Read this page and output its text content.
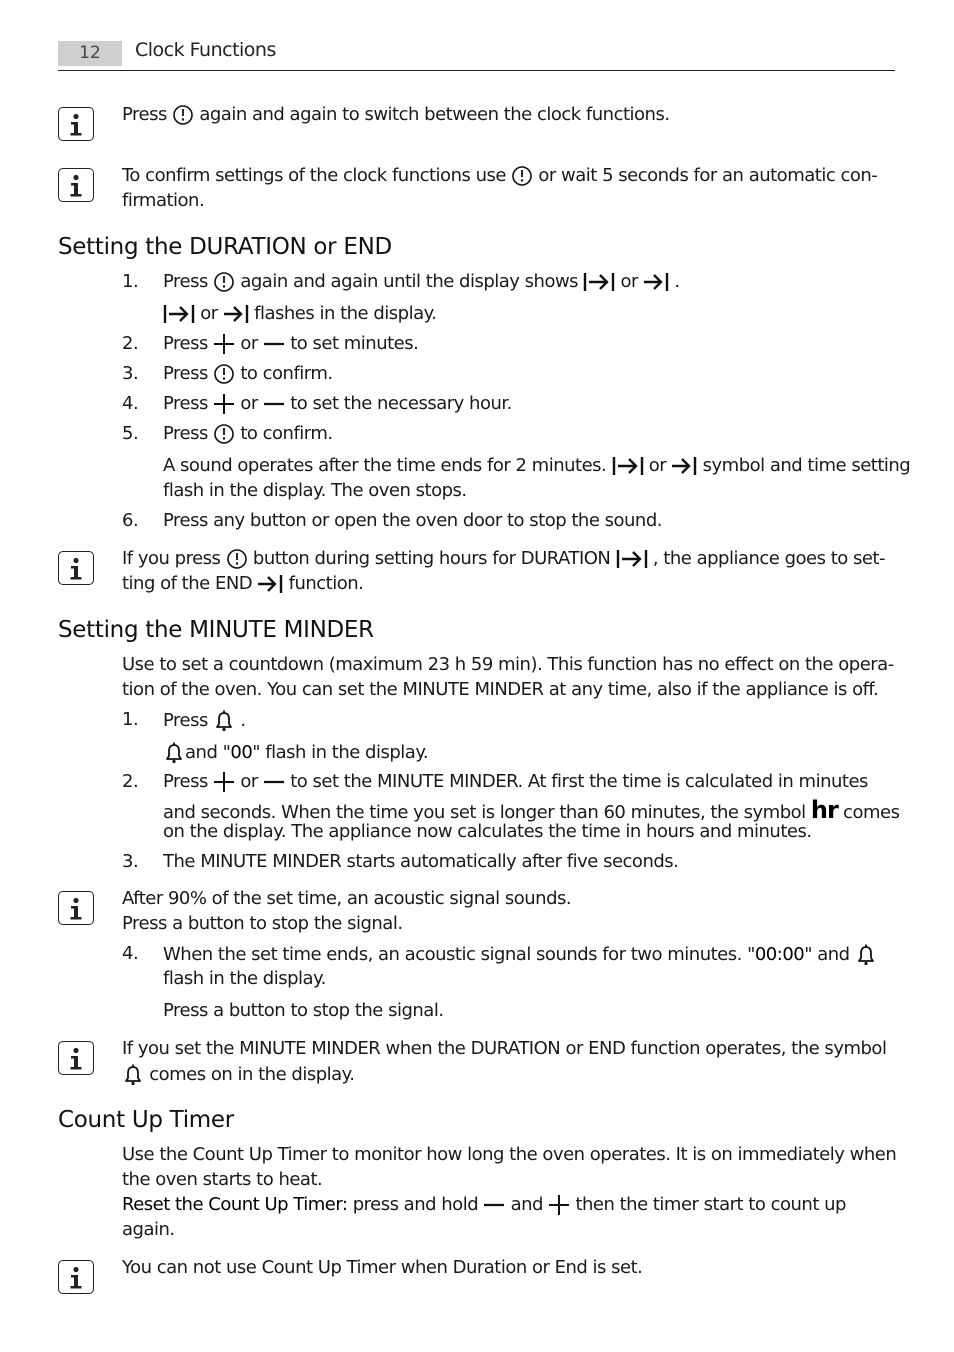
12	Clock Functions
Press again and again to switch between the clock functions.
To confirm settings of the clock functions use or wait 5 seconds for an automatic con-
firmation.
Setting the DURATION or END
1.	Press again and again until the display shows or .
or flashes in the display.
2.	Press or to set minutes.
3.	Press to confirm.
4.	Press or to set the necessary hour.
5.	Press to confirm.
A sound operates after the time ends for 2 minutes. or symbol and time setting
flash in the display. The oven stops.
6.	Press any button or open the oven door to stop the sound.
If you press button during setting hours for DURATION , the appliance goes to set-
ting of the END function.
Setting the MINUTE MINDER
Use to set a countdown (maximum 23 h 59 min). This function has no effect on the opera-
tion of the oven. You can set the MINUTE MINDER at any time, also if the appliance is off.
1.	Press .
and "00" flash in the display.
2.	Press or to set the MINUTE MINDER. At first the time is calculated in minutes
and seconds. When the time you set is longer than 60 minutes, the symbol hr comes
on the display. The appliance now calculates the time in hours and minutes.
3.	The MINUTE MINDER starts automatically after five seconds.
After 90% of the set time, an acoustic signal sounds.
Press a button to stop the signal.
4.	When the set time ends, an acoustic signal sounds for two minutes. "00:00" and
flash in the display.
Press a button to stop the signal.
If you set the MINUTE MINDER when the DURATION or END function operates, the symbol
comes on in the display.
Count Up Timer
Use the Count Up Timer to monitor how long the oven operates. It is on immediately when
the oven starts to heat.
Reset the Count Up Timer: press and hold and then the timer start to count up
again.
You can not use Count Up Timer when Duration or End is set.
